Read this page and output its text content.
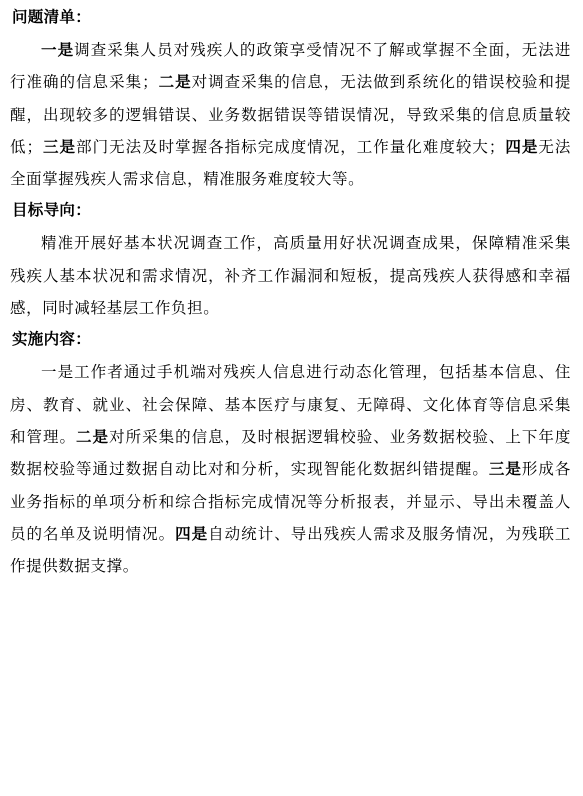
问题清单：

一是调查采集人员对残疾人的政策享受情况不了解或掌握不全面，无法进行准确的信息采集；二是对调查采集的信息，无法做到系统化的错误校验和提醒，出现较多的逻辑错误、业务数据错误等错误情况，导致采集的信息质量较低；三是部门无法及时掌握各指标完成度情况，工作量化难度较大；四是无法全面掌握残疾人需求信息，精准服务难度较大等。

目标导向：

精准开展好基本状况调查工作，高质量用好状况调查成果，保障精准采集残疾人基本状况和需求情况，补齐工作漏洞和短板，提高残疾人获得感和幸福感，同时减轻基层工作负担。

实施内容：

一是工作者通过手机端对残疾人信息进行动态化管理，包括基本信息、住房、教育、就业、社会保障、基本医疗与康复、无障碍、文化体育等信息采集和管理。二是对所采集的信息，及时根据逻辑校验、业务数据校验、上下年度数据校验等通过数据自动比对和分析，实现智能化数据纠错提醒。三是形成各业务指标的单项分析和综合指标完成情况等分析报表，并显示、导出未覆盖人员的名单及说明情况。四是自动统计、导出残疾人需求及服务情况，为残联工作提供数据支撑。
